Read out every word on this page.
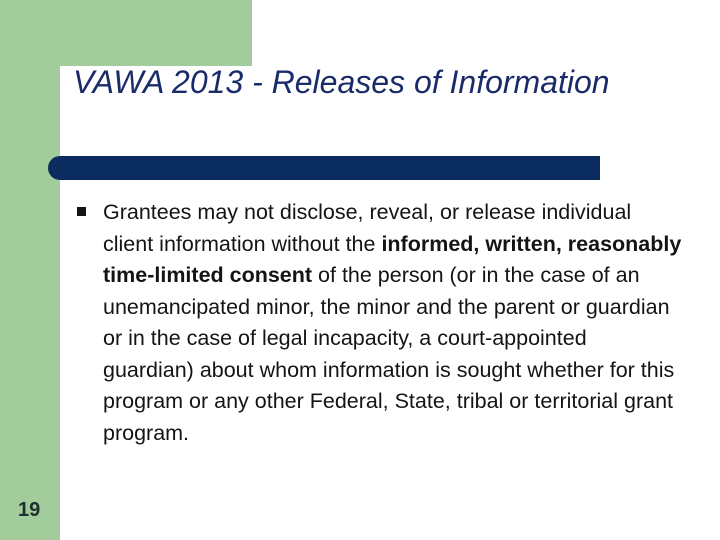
VAWA 2013 - Releases of Information

Grantees may not disclose, reveal, or release individual client information without the informed, written, reasonably time-limited consent of the person (or in the case of an unemancipated minor, the minor and the parent or guardian or in the case of legal incapacity, a court-appointed guardian) about whom information is sought whether for this program or any other Federal, State, tribal or territorial grant program.

19
